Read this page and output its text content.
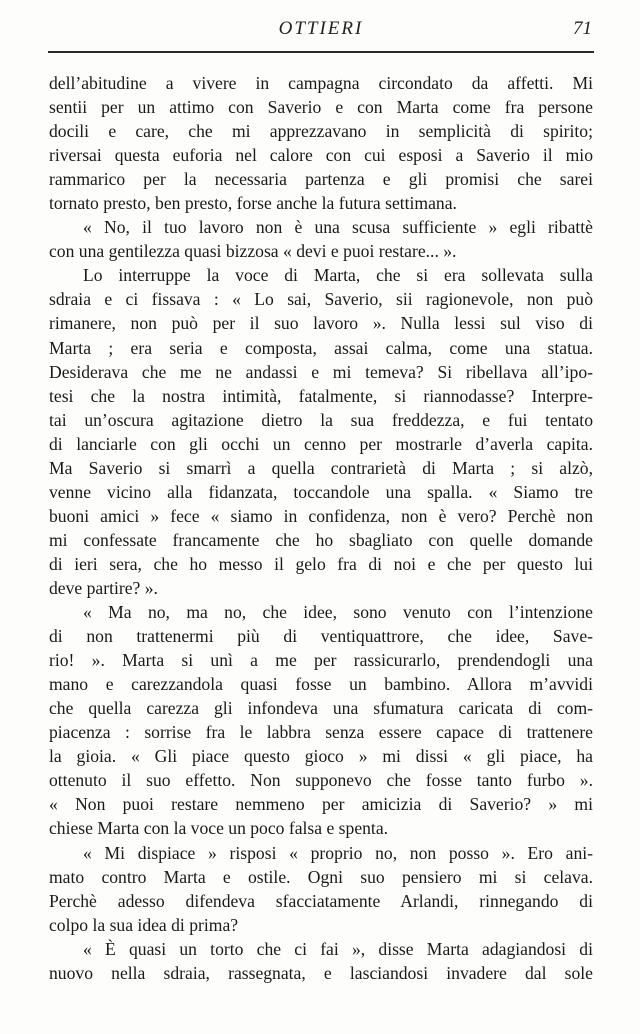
OTTIERI	71
dell’abitudine a vivere in campagna circondato da affetti. Mi
sentii per un attimo con Saverio e con Marta come fra persone
docili e care, che mi apprezzavano in semplicità di spirito;
riversai questa euforia nel calore con cui esposi a Saverio il mio
rammarico per la necessaria partenza e gli promisi che sarei
tornato presto, ben presto, forse anche la futura settimana.
« No, il tuo lavoro non è una scusa sufficiente » egli ribattè
con una gentilezza quasi bizzosa « devi e puoi restare... ».
Lo interruppe la voce di Marta, che si era sollevata sulla
sdraia e ci fissava : « Lo sai, Saverio, sii ragionevole, non può
rimanere, non può per il suo lavoro ». Nulla lessi sul viso di
Marta ; era seria e composta, assai calma, come una statua.
Desiderava che me ne andassi e mi temeva? Si ribellava all’ipo-
tesi che la nostra intimità, fatalmente, si riannodasse? Interpre-
tai un’oscura agitazione dietro la sua freddezza, e fui tentato
di lanciarle con gli occhi un cenno per mostrarle d’averla capita.
Ma Saverio si smarrì a quella contrarietà di Marta ; si alzò,
venne vicino alla fidanzata, toccandole una spalla. « Siamo tre
buoni amici » fece « siamo in confidenza, non è vero? Perchè non
mi confessate francamente che ho sbagliato con quelle domande
di ieri sera, che ho messo il gelo fra di noi e che per questo lui
deve partire? ».
« Ma no, ma no, che idee, sono venuto con l’intenzione
di non trattenermi più di ventiquattrore, che idee, Save-
rio! ». Marta si unì a me per rassicurarlo, prendendogli una
mano e carezzandola quasi fosse un bambino. Allora m’avvidi
che quella carezza gli infondeva una sfumatura caricata di com-
piacenza : sorrise fra le labbra senza essere capace di trattenere
la gioia. « Gli piace questo gioco » mi dissi « gli piace, ha
ottenuto il suo effetto. Non supponevo che fosse tanto furbo ».
« Non puoi restare nemmeno per amicizia di Saverio? » mi
chiese Marta con la voce un poco falsa e spenta.
« Mi dispiace » risposi « proprio no, non posso ». Ero ani-
mato contro Marta e ostile. Ogni suo pensiero mi si celava.
Perchè adesso difendeva sfacciatamente Arlandi, rinnegando di
colpo la sua idea di prima?
« È quasi un torto che ci fai », disse Marta adagiandosi di
nuovo nella sdraia, rassegnata, e lasciandosi invadere dal sole
